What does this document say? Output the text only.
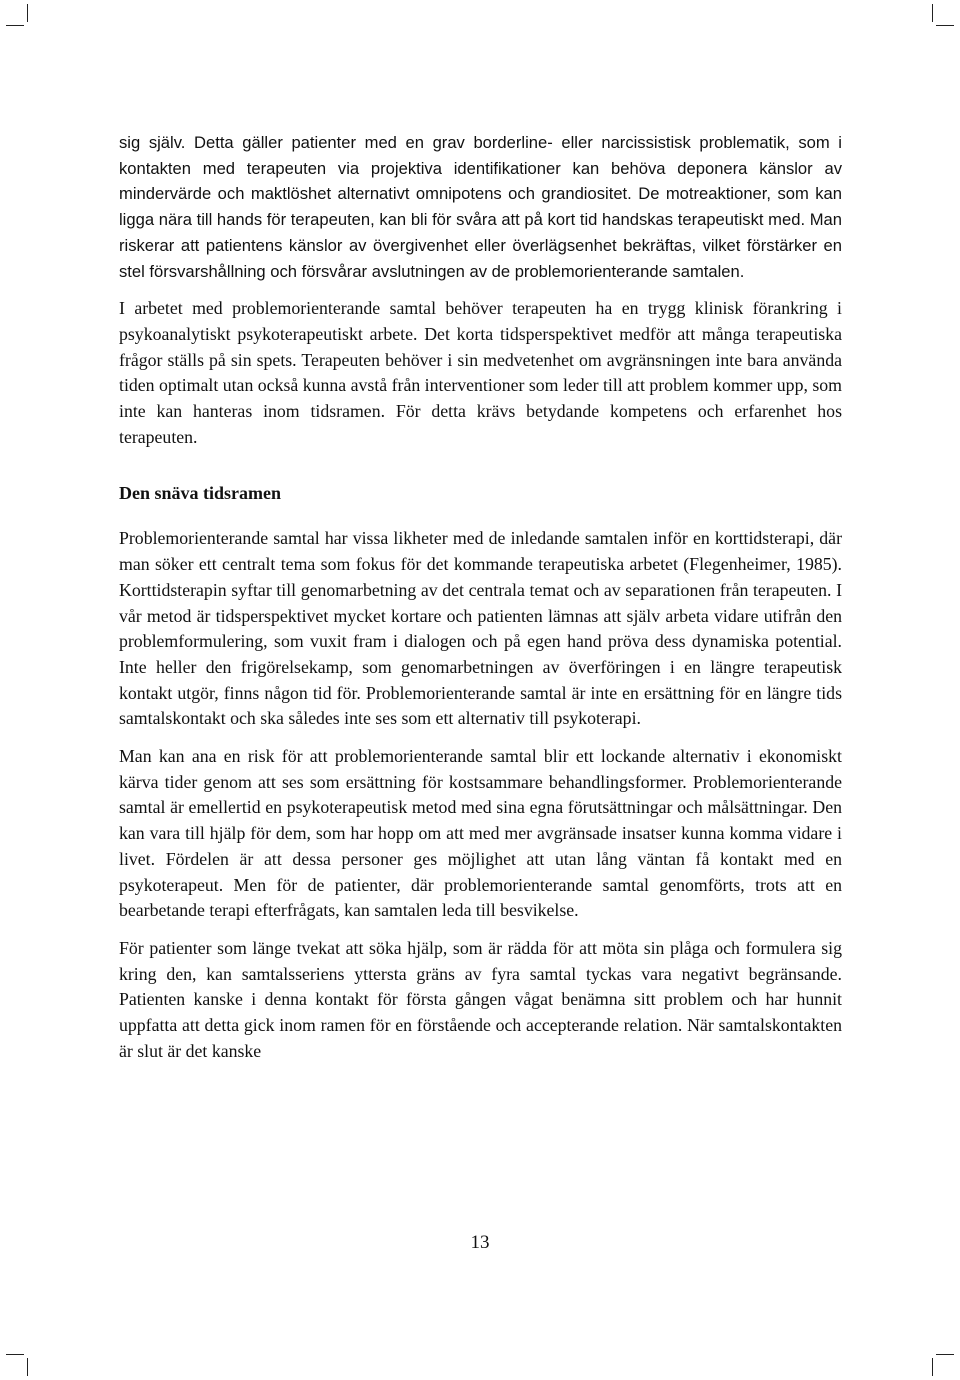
sig själv. Detta gäller patienter med en grav borderline- eller narcissistisk problematik, som i kontakten med terapeuten via projektiva identifikationer kan behöva deponera känslor av mindervärde och maktlöshet alternativt omnipotens och grandiositet. De motreaktioner, som kan ligga nära till hands för terapeuten, kan bli för svåra att på kort tid handskas terapeutiskt med. Man riskerar att patientens känslor av övergivenhet eller överlägsenhet bekräftas, vilket förstärker en stel försvarshållning och försvårar avslutningen av de problemorienterande samtalen.

I arbetet med problemorienterande samtal behöver terapeuten ha en trygg klinisk förankring i psykoanalytiskt psykoterapeutiskt arbete. Det korta tidsperspektivet medför att många terapeutiska frågor ställs på sin spets. Terapeuten behöver i sin medvetenhet om avgränsningen inte bara använda tiden optimalt utan också kunna avstå från interventioner som leder till att problem kommer upp, som inte kan hanteras inom tidsramen. För detta krävs betydande kompetens och erfarenhet hos terapeuten.

Den snäva tidsramen

Problemorienterande samtal har vissa likheter med de inledande samtalen inför en korttidsterapi, där man söker ett centralt tema som fokus för det kommande terapeutiska arbetet (Flegenheimer, 1985). Korttidsterapin syftar till genomarbetning av det centrala temat och av separationen från terapeuten. I vår metod är tidsperspektivet mycket kortare och patienten lämnas att själv arbeta vidare utifrån den problemformulering, som vuxit fram i dialogen och på egen hand pröva dess dynamiska potential. Inte heller den frigörelsekamp, som genomarbetningen av överföringen i en längre terapeutisk kontakt utgör, finns någon tid för. Problemorienterande samtal är inte en ersättning för en längre tids samtalskontakt och ska således inte ses som ett alternativ till psykoterapi.

Man kan ana en risk för att problemorienterande samtal blir ett lockande alternativ i ekonomiskt kärva tider genom att ses som ersättning för kostsammare behandlingsformer. Problemorienterande samtal är emellertid en psykoterapeutisk metod med sina egna förutsättningar och målsättningar. Den kan vara till hjälp för dem, som har hopp om att med mer avgränsade insatser kunna komma vidare i livet. Fördelen är att dessa personer ges möjlighet att utan lång väntan få kontakt med en psykoterapeut. Men för de patienter, där problemorienterande samtal genomförts, trots att en bearbetande terapi efterfrågats, kan samtalen leda till besvikelse.

För patienter som länge tvekat att söka hjälp, som är rädda för att möta sin plåga och formulera sig kring den, kan samtalsseriens yttersta gräns av fyra samtal tyckas vara negativt begränsande. Patienten kanske i denna kontakt för första gången vågat benämna sitt problem och har hunnit uppfatta att detta gick inom ramen för en förstående och accepterande relation. När samtalskontakten är slut är det kanske

13
